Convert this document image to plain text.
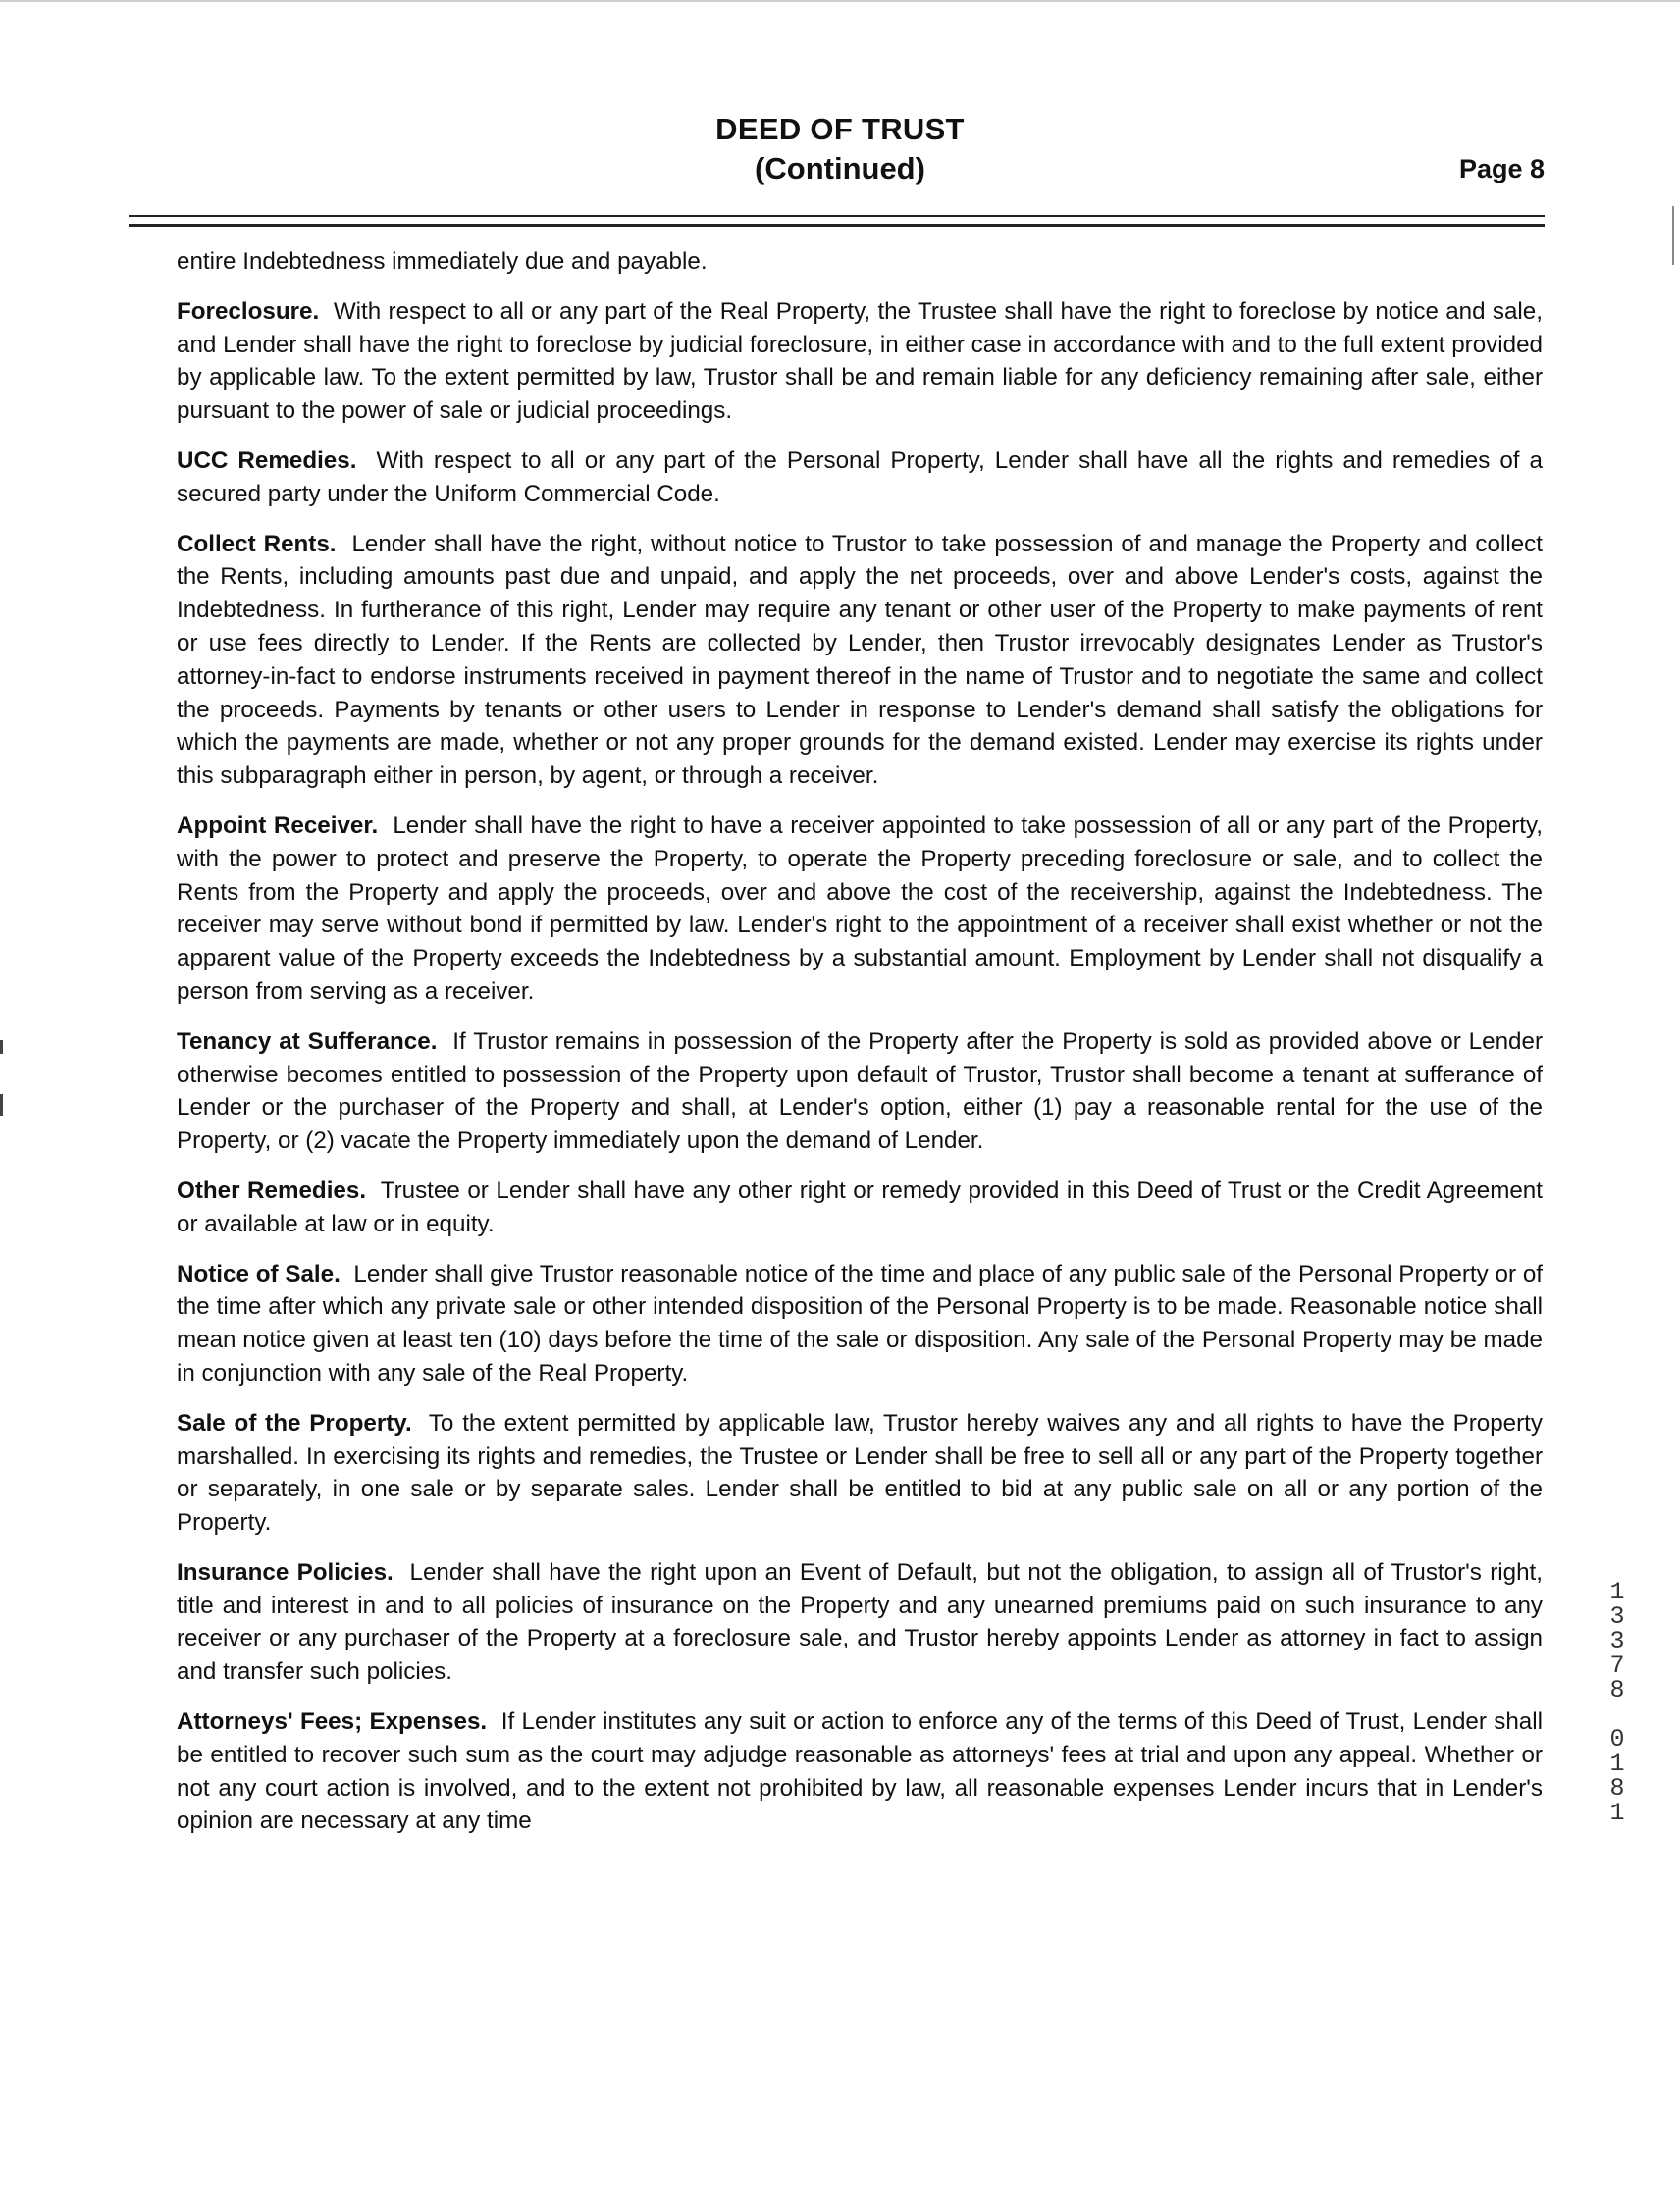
DEED OF TRUST
(Continued)	Page 8

entire Indebtedness immediately due and payable.

Foreclosure. With respect to all or any part of the Real Property, the Trustee shall have the right to foreclose by notice and sale, and Lender shall have the right to foreclose by judicial foreclosure, in either case in accordance with and to the full extent provided by applicable law. To the extent permitted by law, Trustor shall be and remain liable for any deficiency remaining after sale, either pursuant to the power of sale or judicial proceedings.

UCC Remedies. With respect to all or any part of the Personal Property, Lender shall have all the rights and remedies of a secured party under the Uniform Commercial Code.

Collect Rents. Lender shall have the right, without notice to Trustor to take possession of and manage the Property and collect the Rents, including amounts past due and unpaid, and apply the net proceeds, over and above Lender's costs, against the Indebtedness. In furtherance of this right, Lender may require any tenant or other user of the Property to make payments of rent or use fees directly to Lender. If the Rents are collected by Lender, then Trustor irrevocably designates Lender as Trustor's attorney-in-fact to endorse instruments received in payment thereof in the name of Trustor and to negotiate the same and collect the proceeds. Payments by tenants or other users to Lender in response to Lender's demand shall satisfy the obligations for which the payments are made, whether or not any proper grounds for the demand existed. Lender may exercise its rights under this subparagraph either in person, by agent, or through a receiver.

Appoint Receiver. Lender shall have the right to have a receiver appointed to take possession of all or any part of the Property, with the power to protect and preserve the Property, to operate the Property preceding foreclosure or sale, and to collect the Rents from the Property and apply the proceeds, over and above the cost of the receivership, against the Indebtedness. The receiver may serve without bond if permitted by law. Lender's right to the appointment of a receiver shall exist whether or not the apparent value of the Property exceeds the Indebtedness by a substantial amount. Employment by Lender shall not disqualify a person from serving as a receiver.

Tenancy at Sufferance. If Trustor remains in possession of the Property after the Property is sold as provided above or Lender otherwise becomes entitled to possession of the Property upon default of Trustor, Trustor shall become a tenant at sufferance of Lender or the purchaser of the Property and shall, at Lender's option, either (1) pay a reasonable rental for the use of the Property, or (2) vacate the Property immediately upon the demand of Lender.

Other Remedies. Trustee or Lender shall have any other right or remedy provided in this Deed of Trust or the Credit Agreement or available at law or in equity.

Notice of Sale. Lender shall give Trustor reasonable notice of the time and place of any public sale of the Personal Property or of the time after which any private sale or other intended disposition of the Personal Property is to be made. Reasonable notice shall mean notice given at least ten (10) days before the time of the sale or disposition. Any sale of the Personal Property may be made in conjunction with any sale of the Real Property.

Sale of the Property. To the extent permitted by applicable law, Trustor hereby waives any and all rights to have the Property marshalled. In exercising its rights and remedies, the Trustee or Lender shall be free to sell all or any part of the Property together or separately, in one sale or by separate sales. Lender shall be entitled to bid at any public sale on all or any portion of the Property.

Insurance Policies. Lender shall have the right upon an Event of Default, but not the obligation, to assign all of Trustor's right, title and interest in and to all policies of insurance on the Property and any unearned premiums paid on such insurance to any receiver or any purchaser of the Property at a foreclosure sale, and Trustor hereby appoints Lender as attorney in fact to assign and transfer such policies.

Attorneys' Fees; Expenses. If Lender institutes any suit or action to enforce any of the terms of this Deed of Trust, Lender shall be entitled to recover such sum as the court may adjudge reasonable as attorneys' fees at trial and upon any appeal. Whether or not any court action is involved, and to the extent not prohibited by law, all reasonable expenses Lender incurs that in Lender's opinion are necessary at any time

1
3
3
7
8

0
1
8
1
